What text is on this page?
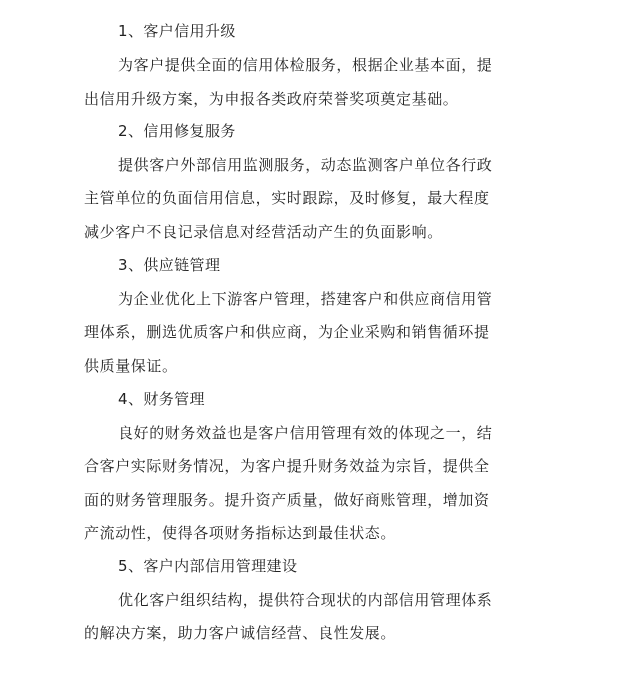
1、客户信用升级
为客户提供全面的信用体检服务，根据企业基本面，提
出信用升级方案，为申报各类政府荣誉奖项奠定基础。
2、信用修复服务
提供客户外部信用监测服务，动态监测客户单位各行政
主管单位的负面信用信息，实时跟踪，及时修复，最大程度
减少客户不良记录信息对经营活动产生的负面影响。
3、供应链管理
为企业优化上下游客户管理，搭建客户和供应商信用管
理体系，删选优质客户和供应商，为企业采购和销售循环提
供质量保证。
4、财务管理
良好的财务效益也是客户信用管理有效的体现之一，结
合客户实际财务情况，为客户提升财务效益为宗旨，提供全
面的财务管理服务。提升资产质量，做好商账管理，增加资
产流动性，使得各项财务指标达到最佳状态。
5、客户内部信用管理建设
优化客户组织结构，提供符合现状的内部信用管理体系
的解决方案，助力客户诚信经营、良性发展。
